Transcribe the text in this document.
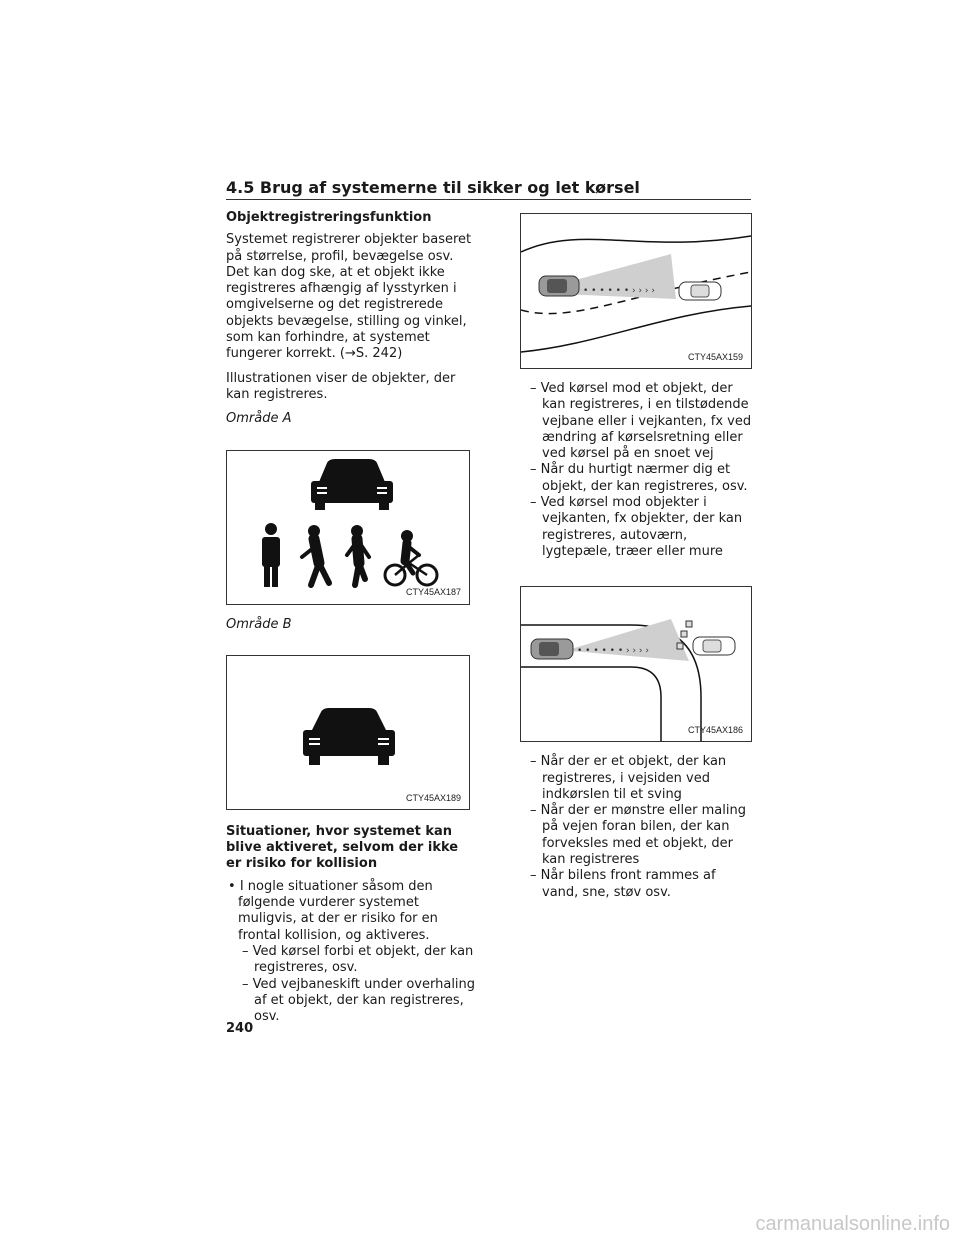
4.5 Brug af systemerne til sikker og let kørsel
Objektregistreringsfunktion

Systemet registrerer objekter baseret på størrelse, profil, bevægelse osv. Det kan dog ske, at et objekt ikke registreres afhængig af lysstyrken i omgivelserne og det registrerede objekts bevægelse, stilling og vinkel, som kan forhindre, at systemet fungerer korrekt. (→S. 242)

Illustrationen viser de objekter, der kan registreres.

Område A

CTY45AX187

Område B

CTY45AX189
Situationer, hvor systemet kan blive aktiveret, selvom der ikke er risiko for kollision

• I nogle situationer såsom den følgende vurderer systemet muligvis, at der er risiko for en frontal kollision, og aktiveres.

– Ved kørsel forbi et objekt, der kan registreres, osv.

– Ved vejbaneskift under overhaling af et objekt, der kan registreres, osv.

• • • • • • › › › ›
CTY45AX159

– Ved kørsel mod et objekt, der kan registreres, i en tilstødende vejbane eller i vejkanten, fx ved ændring af kørselsretning eller ved kørsel på en snoet vej

– Når du hurtigt nærmer dig et objekt, der kan registreres, osv.

– Ved kørsel mod objekter i vejkanten, fx objekter, der kan registreres, autoværn, lygtepæle, træer eller mure

• • • • • • › › › ›
CTY45AX186

– Når der er et objekt, der kan registreres, i vejsiden ved indkørslen til et sving

– Når der er mønstre eller maling på vejen foran bilen, der kan forveksles med et objekt, der kan registreres

– Når bilens front rammes af vand, sne, støv osv.

240
carmanualsonline.info
